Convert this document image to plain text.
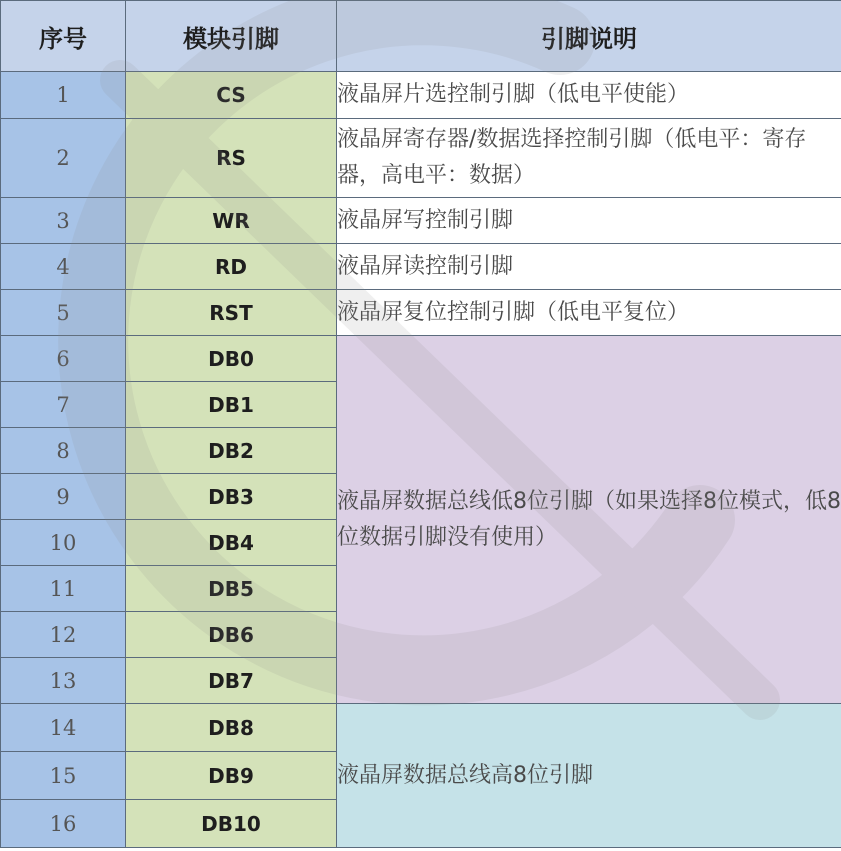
序号	模块引脚	引脚说明
1	CS	液晶屏片选控制引脚（低电平使能）
2	RS	液晶屏寄存器/数据选择控制引脚（低电平：寄存器，高电平：数据）
3	WR	液晶屏写控制引脚
4	RD	液晶屏读控制引脚
5	RST	液晶屏复位控制引脚（低电平复位）
6	DB0	液晶屏数据总线低8位引脚（如果选择8位模式，低8位数据引脚没有使用）
7	DB1	
8	DB2	
9	DB3	
10	DB4	
11	DB5	
12	DB6	
13	DB7	
14	DB8	液晶屏数据总线高8位引脚
15	DB9	
16	DB10	
